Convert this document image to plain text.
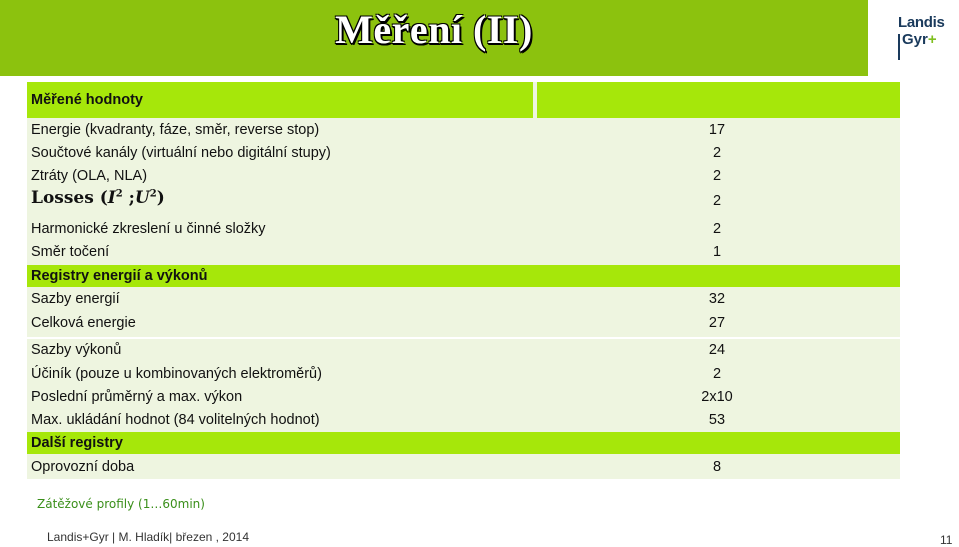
Měření (II)	Landis
Gyr+
Měřené hodnoty
Energie (kvadranty, fáze, směr, reverse stop)	17
Součtové kanály (virtuální nebo digitální stupy)	2
Ztráty (OLA, NLA)	2
Losses ($I^2$ $;U^2$)	2
Harmonické zkreslení u činné složky	2
Směr točení	1
Registry energií a výkonů
Sazby energií	32
Celková energie	27
Sazby výkonů	24
Účiník (pouze u kombinovaných elektroměrů)	2
Poslední průměrný a max. výkon	2x10
Max. ukládání hodnot (84 volitelných hodnot)	53
Další registry
Oprovozní doba	8
Zátěžové profily (1…60min)
Landis+Gyr | M. Hladík| březen , 2014	11
